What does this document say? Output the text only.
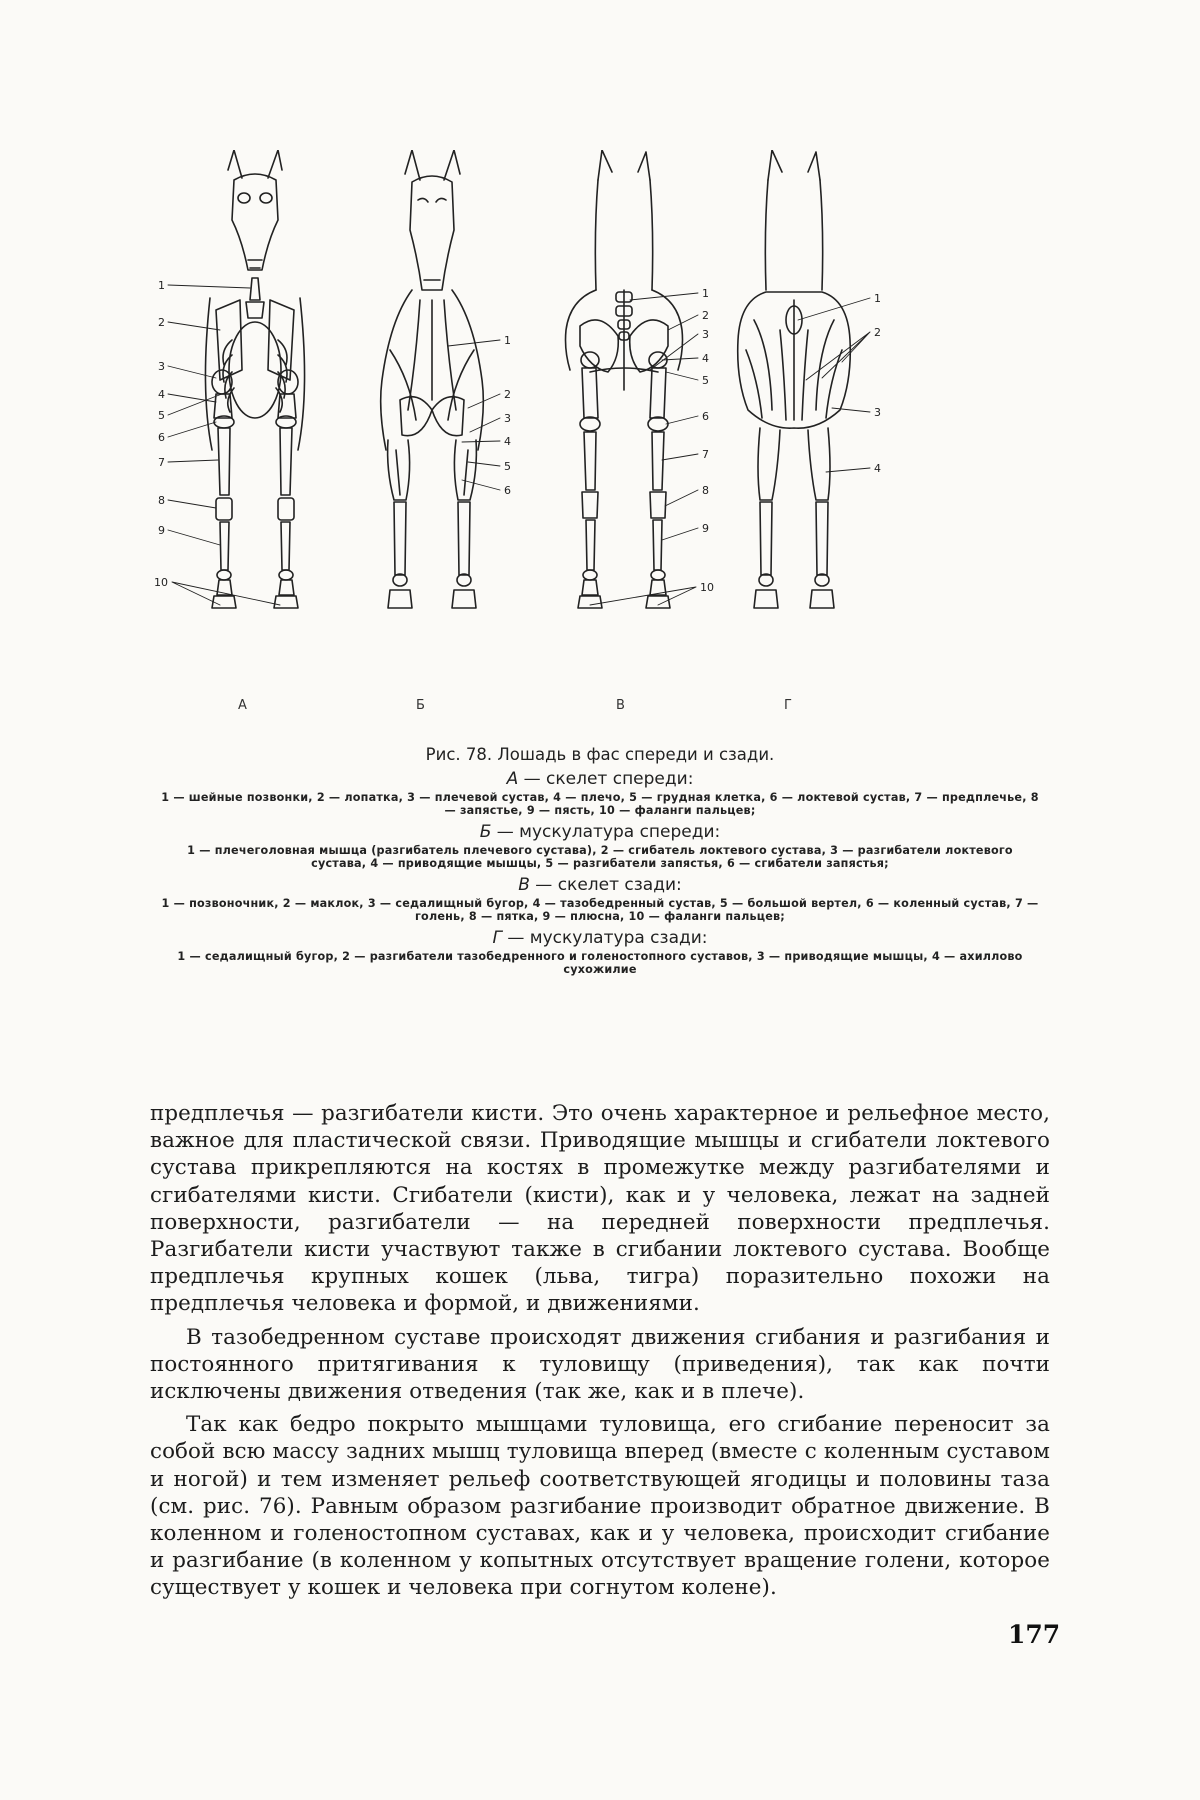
1
2
3
4
5
6
7
8
9
10
1
2
3
4
5
6
1
2
3
4
5
6
7
8
9
10
1
2
3
4
А	Б	В	Г
Рис. 78. Лошадь в фас спереди и сзади.
А — скелет спереди:
1 — шейные позвонки, 2 — лопатка, 3 — плечевой сустав, 4 — плечо, 5 — грудная клетка, 6 — локтевой сустав, 7 — предплечье, 8 — запястье, 9 — пясть, 10 — фаланги пальцев;
Б — мускулатура спереди:
1 — плечеголовная мышца (разгибатель плечевого сустава), 2 — сгибатель локтевого сустава, 3 — разгибатели локтевого сустава, 4 — приводящие мышцы, 5 — разгибатели запястья, 6 — сгибатели запястья;
В — скелет сзади:
1 — позвоночник, 2 — маклок, 3 — седалищный бугор, 4 — тазобедренный сустав, 5 — большой вертел, 6 — коленный сустав, 7 — голень, 8 — пятка, 9 — плюсна, 10 — фаланги пальцев;
Г — мускулатура сзади:
1 — седалищный бугор, 2 — разгибатели тазобедренного и голеностопного суставов, 3 — приводящие мышцы, 4 — ахиллово сухожилие

предплечья — разгибатели кисти. Это очень характерное и рельефное место, важное для пластической связи. Приводящие мышцы и сгибатели локтевого сустава прикрепляются на костях в промежутке между разгибателями и сгибателями кисти. Сгибатели (кисти), как и у человека, лежат на задней поверхности, разгибатели — на передней поверхности предплечья. Разгибатели кисти участвуют также в сгибании локтевого сустава. Вообще предплечья крупных кошек (льва, тигра) поразительно похожи на предплечья человека и формой, и движениями.

В тазобедренном суставе происходят движения сгибания и разгибания и постоянного притягивания к туловищу (приведения), так как почти исключены движения отведения (так же, как и в плече).

Так как бедро покрыто мышцами туловища, его сгибание переносит за собой всю массу задних мышц туловища вперед (вместе с коленным суставом и ногой) и тем изменяет рельеф соответствующей ягодицы и половины таза (см. рис. 76). Равным образом разгибание производит обратное движение. В коленном и голеностопном суставах, как и у человека, происходит сгибание и разгибание (в коленном у копытных отсутствует вращение голени, которое существует у кошек и человека при согнутом колене).

177
